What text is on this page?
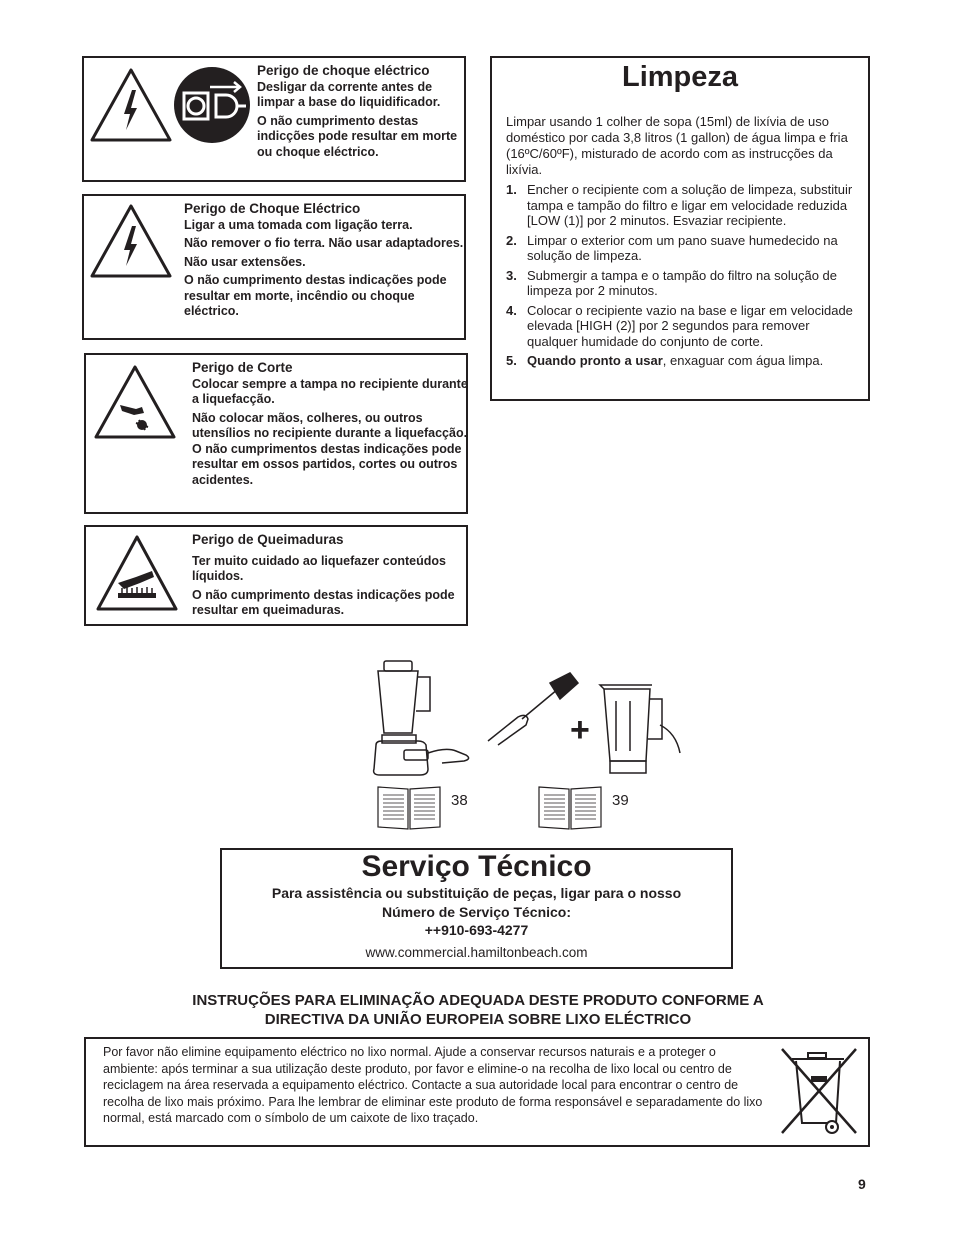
Perigo de choque eléctrico
Desligar da corrente antes de limpar a base do liquidificador.
O não cumprimento destas indicções pode resultar em morte ou choque eléctrico.
Perigo de Choque Eléctrico
Ligar a uma tomada com ligação terra.
Não remover o fio terra. Não usar adaptadores.
Não usar extensões.
O não cumprimento destas indicações pode resultar em morte, incêndio ou choque eléctrico.
Perigo de Corte
Colocar sempre a tampa no recipiente durante a liquefacção.
Não colocar mãos, colheres, ou outros utensílios no recipiente durante a liquefacção. O não cumprimentos destas indicações pode resultar em ossos partidos, cortes ou outros acidentes.
Perigo de Queimaduras
Ter muito cuidado ao liquefazer conteúdos líquidos.
O não cumprimento destas indicações pode resultar em queimaduras.
Limpeza
Limpar usando 1 colher de sopa (15ml) de lixívia de uso doméstico por cada 3,8 litros (1 gallon) de água limpa e fria (16ºC/60ºF), misturado de acordo com as instrucções da lixívia.
1. Encher o recipiente com a solução de limpeza, substituir tampa e tampão do filtro e ligar em velocidade reduzida [LOW (1)] por 2 minutos. Esvaziar recipiente.
2. Limpar o exterior com um pano suave humedecido na solução de limpeza.
3. Submergir a tampa e o tampão do filtro na solução de limpeza por 2 minutos.
4. Colocar o recipiente vazio na base e ligar em velocidade elevada [HIGH (2)] por 2 segundos para remover qualquer humidade do conjunto de corte.
5. Quando pronto a usar, enxaguar com água limpa.
+
38	39
Serviço Técnico
Para assistência ou substituição de peças, ligar para o nosso
Número de Serviço Técnico:
++910-693-4277
www.commercial.hamiltonbeach.com
INSTRUÇÕES PARA ELIMINAÇÃO ADEQUADA DESTE PRODUTO CONFORME A
DIRECTIVA DA UNIÃO EUROPEIA SOBRE LIXO ELÉCTRICO
Por favor não elimine equipamento eléctrico no lixo normal. Ajude a conservar recursos naturais e a proteger o ambiente: após terminar a sua utilização deste produto, por favor e elimine-o na recolha de lixo local ou centro de reciclagem na área reservada a equipamento eléctrico. Contacte a sua autoridade local para encontrar o centro de recolha de lixo mais próximo. Para lhe lembrar de eliminar este produto de forma responsável e separadamente do lixo normal, está marcado com o símbolo de um caixote de lixo traçado.
9
